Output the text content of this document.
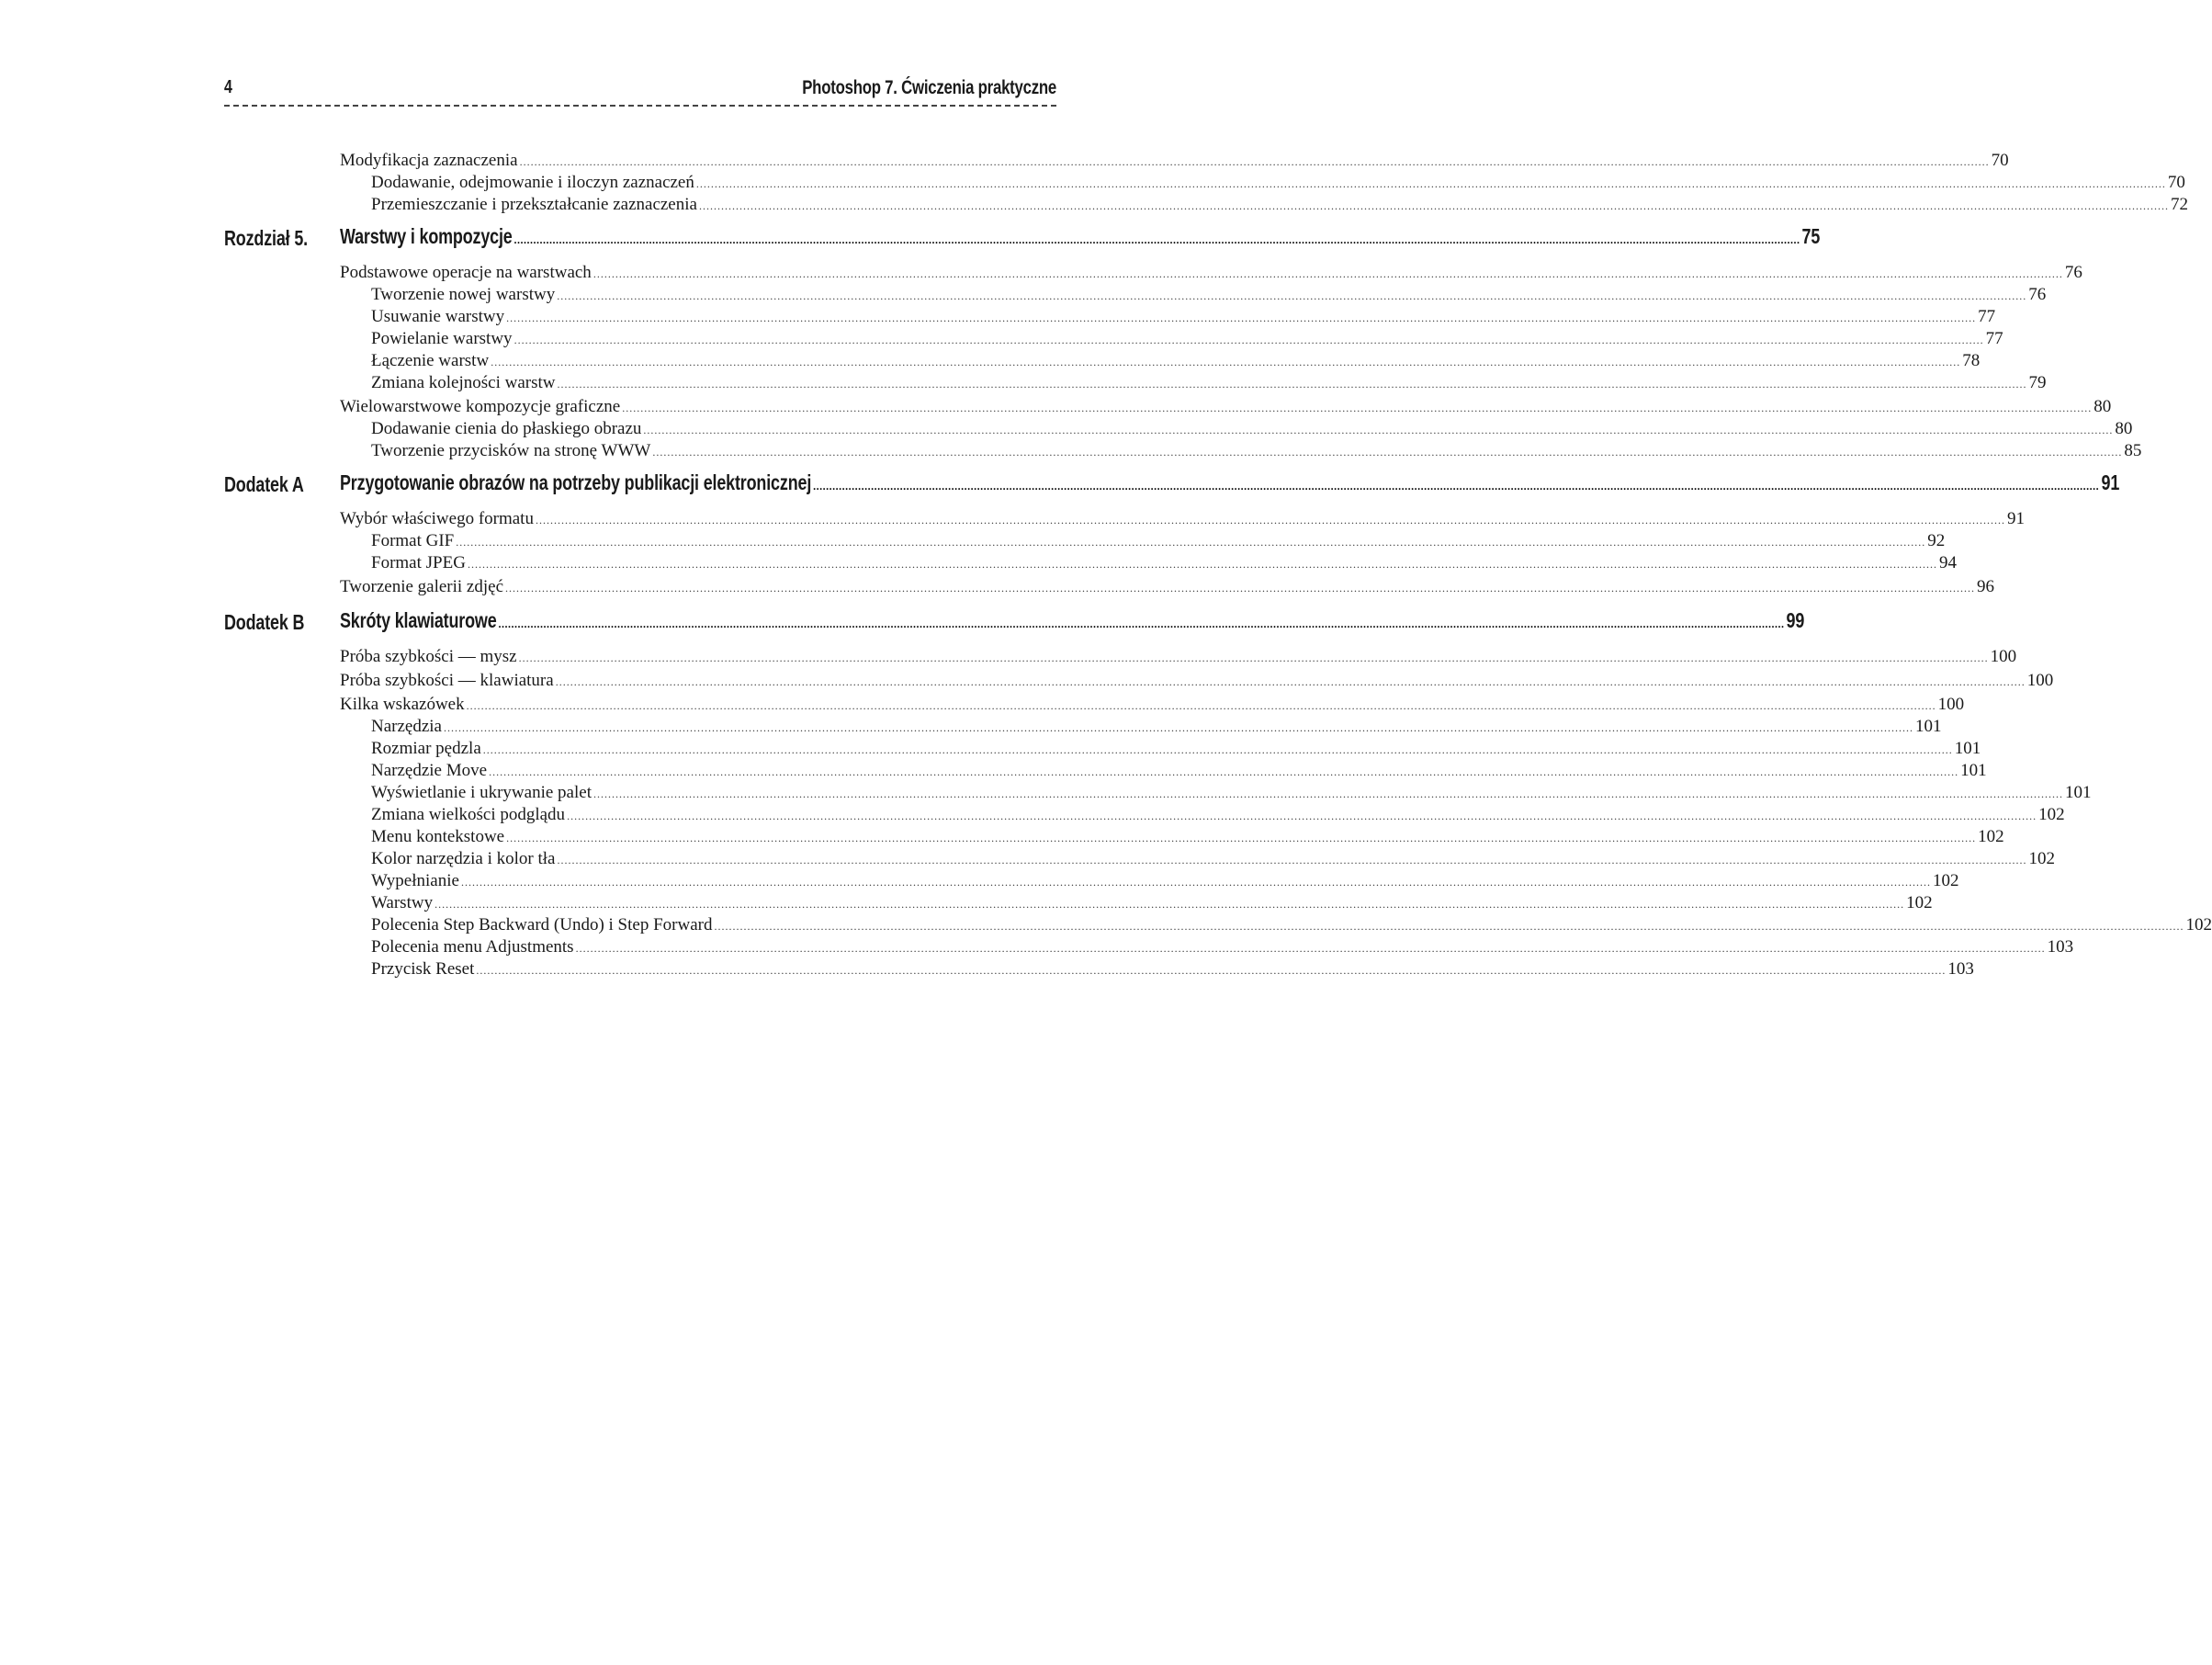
4	Photoshop 7. Ćwiczenia praktyczne
Modyfikacja zaznaczenia ................................................................................................................................................................................................................................................................................................................................................................................................................ 70
Dodawanie, odejmowanie i iloczyn zaznaczeń ................................................................................................................................................................................................................................................................................................................................................................................................................ 70
Przemieszczanie i przekształcanie zaznaczenia ................................................................................................................................................................................................................................................................................................................................................................................................................ 72
Rozdział 5. Warstwy i kompozycje ................................................................................................................................................................................................................................................................................................................................................................................................................ 75
Podstawowe operacje na warstwach ................................................................................................................................................................................................................................................................................................................................................................................................................ 76
Tworzenie nowej warstwy ................................................................................................................................................................................................................................................................................................................................................................................................................ 76
Usuwanie warstwy ................................................................................................................................................................................................................................................................................................................................................................................................................ 77
Powielanie warstwy ................................................................................................................................................................................................................................................................................................................................................................................................................ 77
Łączenie warstw ................................................................................................................................................................................................................................................................................................................................................................................................................ 78
Zmiana kolejności warstw ................................................................................................................................................................................................................................................................................................................................................................................................................ 79
Wielowarstwowe kompozycje graficzne ................................................................................................................................................................................................................................................................................................................................................................................................................ 80
Dodawanie cienia do płaskiego obrazu ................................................................................................................................................................................................................................................................................................................................................................................................................ 80
Tworzenie przycisków na stronę WWW ................................................................................................................................................................................................................................................................................................................................................................................................................ 85
Dodatek A Przygotowanie obrazów na potrzeby publikacji elektronicznej ................................................................................................................................................................................................................................................................................................................................................................................................................ 91
Wybór właściwego formatu ................................................................................................................................................................................................................................................................................................................................................................................................................ 91
Format GIF ................................................................................................................................................................................................................................................................................................................................................................................................................ 92
Format JPEG ................................................................................................................................................................................................................................................................................................................................................................................................................ 94
Tworzenie galerii zdjęć ................................................................................................................................................................................................................................................................................................................................................................................................................ 96
Dodatek B Skróty klawiaturowe ................................................................................................................................................................................................................................................................................................................................................................................................................ 99
Próba szybkości — mysz ................................................................................................................................................................................................................................................................................................................................................................................................................ 100
Próba szybkości — klawiatura ................................................................................................................................................................................................................................................................................................................................................................................................................ 100
Kilka wskazówek ................................................................................................................................................................................................................................................................................................................................................................................................................ 100
Narzędzia ................................................................................................................................................................................................................................................................................................................................................................................................................ 101
Rozmiar pędzla ................................................................................................................................................................................................................................................................................................................................................................................................................ 101
Narzędzie Move ................................................................................................................................................................................................................................................................................................................................................................................................................ 101
Wyświetlanie i ukrywanie palet ................................................................................................................................................................................................................................................................................................................................................................................................................ 101
Zmiana wielkości podglądu ................................................................................................................................................................................................................................................................................................................................................................................................................ 102
Menu kontekstowe ................................................................................................................................................................................................................................................................................................................................................................................................................ 102
Kolor narzędzia i kolor tła ................................................................................................................................................................................................................................................................................................................................................................................................................ 102
Wypełnianie ................................................................................................................................................................................................................................................................................................................................................................................................................ 102
Warstwy ................................................................................................................................................................................................................................................................................................................................................................................................................ 102
Polecenia Step Backward (Undo) i Step Forward ................................................................................................................................................................................................................................................................................................................................................................................................................ 102
Polecenia menu Adjustments ................................................................................................................................................................................................................................................................................................................................................................................................................ 103
Przycisk Reset ................................................................................................................................................................................................................................................................................................................................................................................................................ 103
